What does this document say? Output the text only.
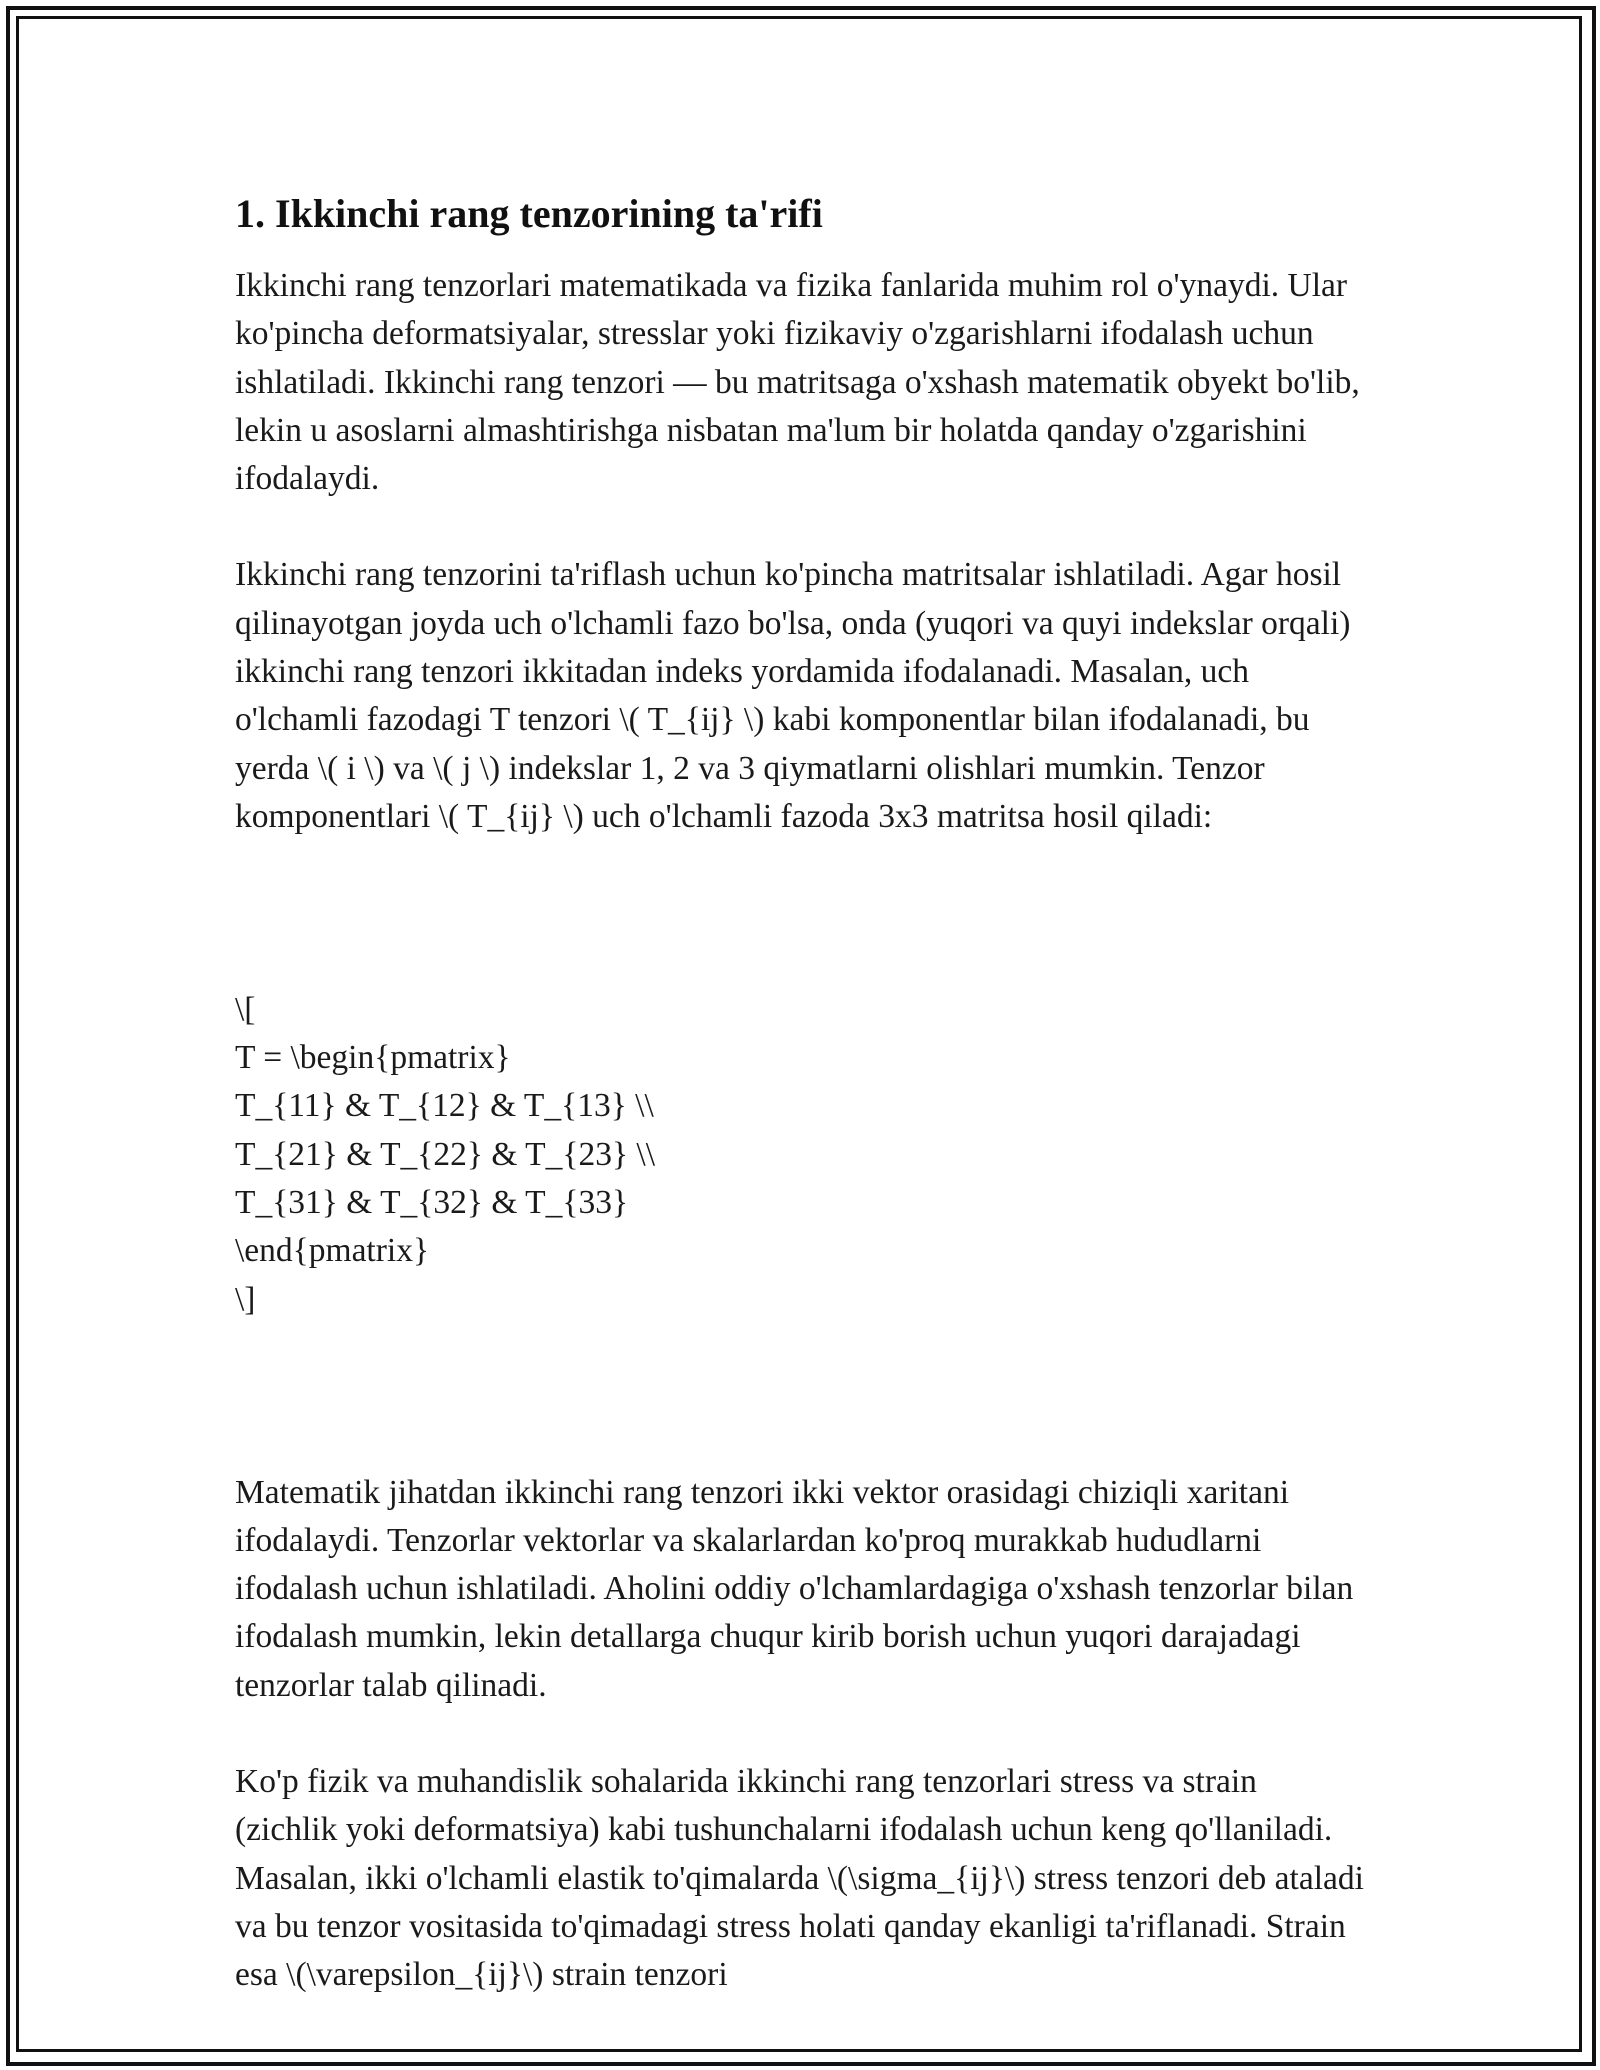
1. Ikkinchi rang tenzorining ta'rifi

Ikkinchi rang tenzorlari matematikada va fizika fanlarida muhim rol o'ynaydi. Ular ko'pincha deformatsiyalar, stresslar yoki fizikaviy o'zgarishlarni ifodalash uchun ishlatiladi. Ikkinchi rang tenzori — bu matritsaga o'xshash matematik obyekt bo'lib, lekin u asoslarni almashtirishga nisbatan ma'lum bir holatda qanday o'zgarishini ifodalaydi.

Ikkinchi rang tenzorini ta'riflash uchun ko'pincha matritsalar ishlatiladi. Agar hosil qilinayotgan joyda uch o'lchamli fazo bo'lsa, onda (yuqori va quyi indekslar orqali) ikkinchi rang tenzori ikkitadan indeks yordamida ifodalanadi. Masalan, uch o'lchamli fazodagi T tenzori \( T_{ij} \) kabi komponentlar bilan ifodalanadi, bu yerda \( i \) va \( j \) indekslar 1, 2 va 3 qiymatlarni olishlari mumkin. Tenzor komponentlari \( T_{ij} \) uch o'lchamli fazoda 3x3 matritsa hosil qiladi:

\[
T = \begin{pmatrix}
T_{11} & T_{12} & T_{13} \\
T_{21} & T_{22} & T_{23} \\
T_{31} & T_{32} & T_{33}
\end{pmatrix}
\]

Matematik jihatdan ikkinchi rang tenzori ikki vektor orasidagi chiziqli xaritani ifodalaydi. Tenzorlar vektorlar va skalarlardan ko'proq murakkab hududlarni ifodalash uchun ishlatiladi. Aholini oddiy o'lchamlardagiga o'xshash tenzorlar bilan ifodalash mumkin, lekin detallarga chuqur kirib borish uchun yuqori darajadagi tenzorlar talab qilinadi.

Ko'p fizik va muhandislik sohalarida ikkinchi rang tenzorlari stress va strain (zichlik yoki deformatsiya) kabi tushunchalarni ifodalash uchun keng qo'llaniladi. Masalan, ikki o'lchamli elastik to'qimalarda \(\sigma_{ij}\) stress tenzori deb ataladi va bu tenzor vositasida to'qimadagi stress holati qanday ekanligi ta'riflanadi. Strain esa \(\varepsilon_{ij}\) strain tenzori
